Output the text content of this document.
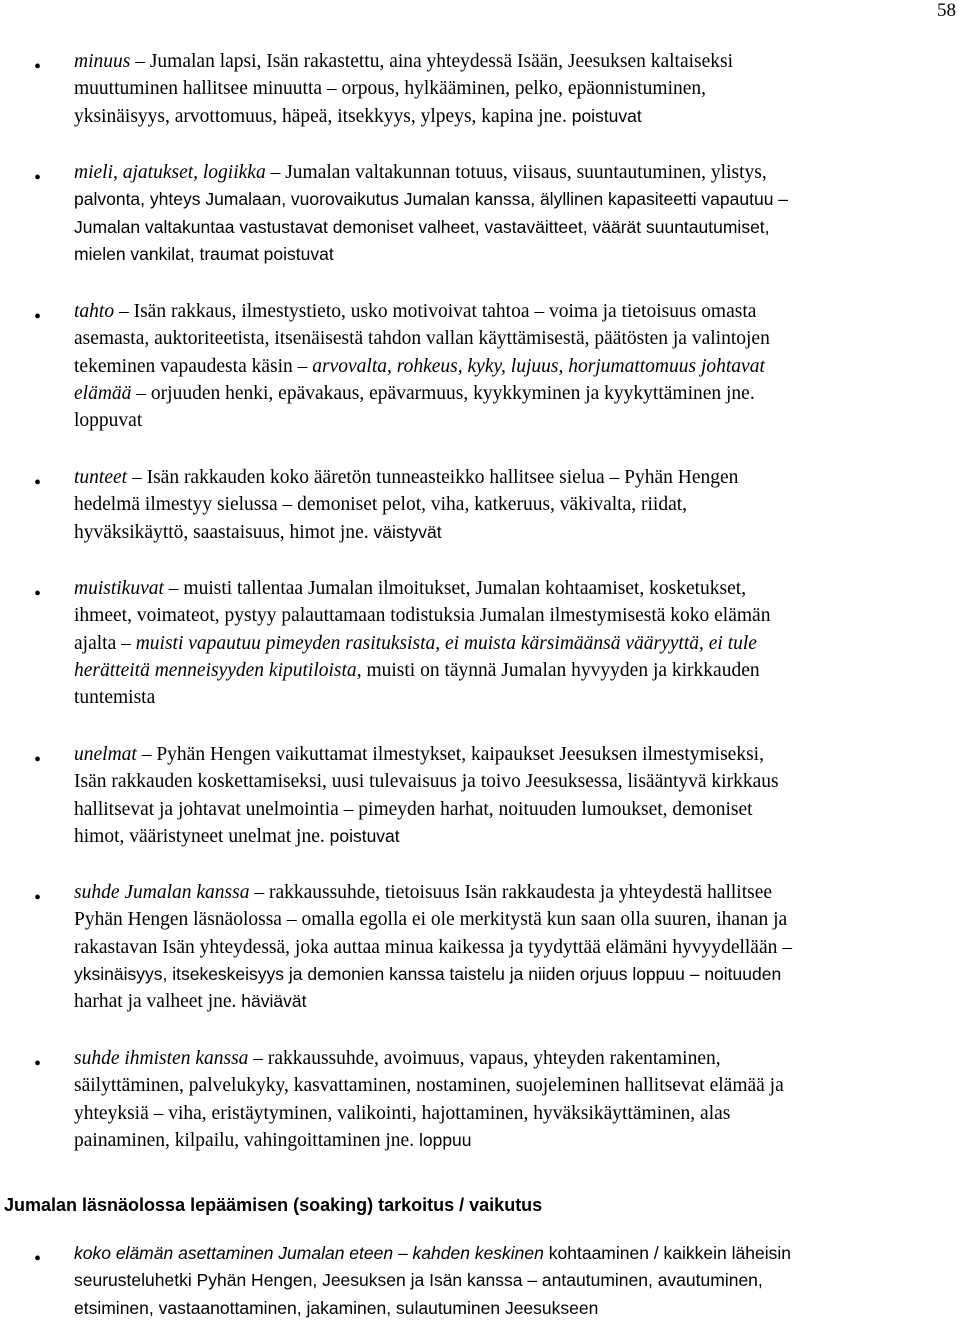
58
• minuus – Jumalan lapsi, Isän rakastettu, aina yhteydessä Isään, Jeesuksen kaltaiseksi
muuttuminen hallitsee minuutta – orpous, hylkääminen, pelko, epäonnistuminen,
yksinäisyys, arvottomuus, häpeä, itsekkyys, ylpeys, kapina jne. poistuvat
• mieli, ajatukset, logiikka – Jumalan valtakunnan totuus, viisaus, suuntautuminen, ylistys,
palvonta, yhteys Jumalaan, vuorovaikutus Jumalan kanssa, älyllinen kapasiteetti vapautuu –
Jumalan valtakuntaa vastustavat demoniset valheet, vastaväitteet, väärät suuntautumiset,
mielen vankilat, traumat poistuvat
• tahto – Isän rakkaus, ilmestystieto, usko motivoivat tahtoa – voima ja tietoisuus omasta
asemasta, auktoriteetista, itsenäisestä tahdon vallan käyttämisestä, päätösten ja valintojen
tekeminen vapaudesta käsin – arvovalta, rohkeus, kyky, lujuus, horjumattomuus johtavat
elämää – orjuuden henki, epävakaus, epävarmuus, kyykkyminen ja kyykyttäminen jne.
loppuvat
• tunteet – Isän rakkauden koko ääretön tunneasteikko hallitsee sielua – Pyhän Hengen
hedelmä ilmestyy sielussa – demoniset pelot, viha, katkeruus, väkivalta, riidat,
hyväksikäyttö, saastaisuus, himot jne. väistyvät
• muistikuvat – muisti tallentaa Jumalan ilmoitukset, Jumalan kohtaamiset, kosketukset,
ihmeet, voimateot, pystyy palauttamaan todistuksia Jumalan ilmestymisestä koko elämän
ajalta – muisti vapautuu pimeyden rasituksista, ei muista kärsimäänsä vääryyttä, ei tule
herätteitä menneisyyden kiputiloista, muisti on täynnä Jumalan hyvyyden ja kirkkauden
tuntemista
• unelmat – Pyhän Hengen vaikuttamat ilmestykset, kaipaukset Jeesuksen ilmestymiseksi,
Isän rakkauden koskettamiseksi, uusi tulevaisuus ja toivo Jeesuksessa, lisääntyvä kirkkaus
hallitsevat ja johtavat unelmointia – pimeyden harhat, noituuden lumoukset, demoniset
himot, vääristyneet unelmat jne. poistuvat
• suhde Jumalan kanssa – rakkaussuhde, tietoisuus Isän rakkaudesta ja yhteydestä hallitsee
Pyhän Hengen läsnäolossa – omalla egolla ei ole merkitystä kun saan olla suuren, ihanan ja
rakastavan Isän yhteydessä, joka auttaa minua kaikessa ja tyydyttää elämäni hyvyydellään –
yksinäisyys, itsekeskeisyys ja demonien kanssa taistelu ja niiden orjuus loppuu – noituuden
harhat ja valheet jne. häviävät
• suhde ihmisten kanssa – rakkaussuhde, avoimuus, vapaus, yhteyden rakentaminen,
säilyttäminen, palvelukyky, kasvattaminen, nostaminen, suojeleminen hallitsevat elämää ja
yhteyksiä – viha, eristäytyminen, valikointi, hajottaminen, hyväksikäyttäminen, alas
painaminen, kilpailu, vahingoittaminen jne. loppuu
• koko elämän asettaminen Jumalan eteen – kahden keskinen kohtaaminen / kaikkein läheisin
seurusteluhetki Pyhän Hengen, Jeesuksen ja Isän kanssa – antautuminen, avautuminen,
etsiminen, vastaanottaminen, jakaminen, sulautuminen Jeesukseen
Jumalan läsnäolossa lepäämisen (soaking) tarkoitus / vaikutus
